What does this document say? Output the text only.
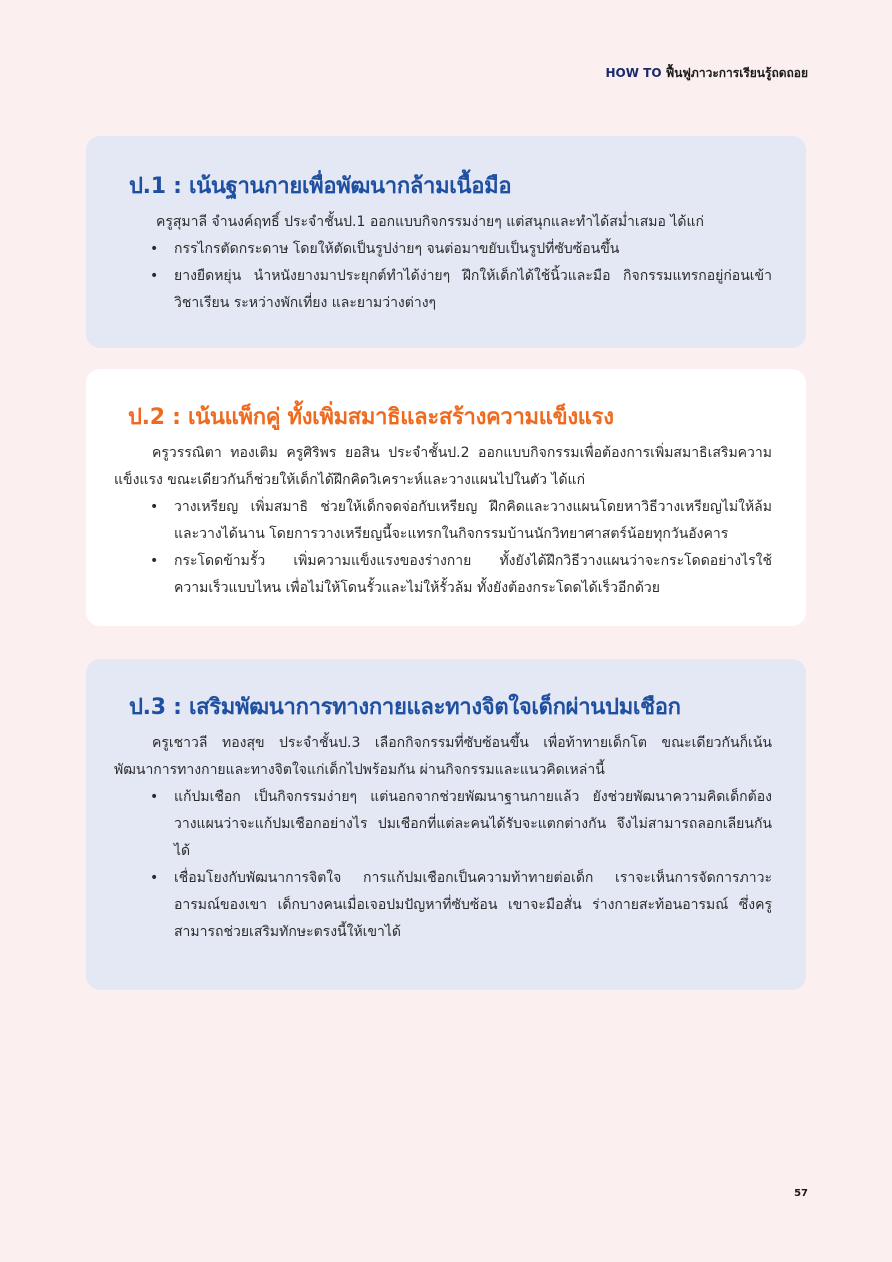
HOW TO ฟื้นฟูภาวะการเรียนรู้ถดถอย
ป.1 : เน้นฐานกายเพื่อพัฒนากล้ามเนื้อมือ

ครูสุมาลี จำนงค์ฤทธิ์ ประจำชั้นป.1 ออกแบบกิจกรรมง่ายๆ แต่สนุกและทำได้สม่ำเสมอ ได้แก่

• กรรไกรตัดกระดาษ โดยให้ตัดเป็นรูปง่ายๆ จนต่อมาขยับเป็นรูปที่ซับซ้อนขึ้น
• ยางยืดหยุ่น นำหนังยางมาประยุกต์ทำได้ง่ายๆ ฝึกให้เด็กได้ใช้นิ้วและมือ กิจกรรมแทรกอยู่ก่อนเข้าวิชาเรียน ระหว่างพักเที่ยง และยามว่างต่างๆ
ป.2 : เน้นแพ็กคู่ ทั้งเพิ่มสมาธิและสร้างความแข็งแรง

ครูวรรณิตา ทองเติม ครูศิริพร ยอสิน ประจำชั้นป.2 ออกแบบกิจกรรมเพื่อต้องการเพิ่มสมาธิเสริมความแข็งแรง ขณะเดียวกันก็ช่วยให้เด็กได้ฝึกคิดวิเคราะห์และวางแผนไปในตัว ได้แก่

• วางเหรียญ เพิ่มสมาธิ ช่วยให้เด็กจดจ่อกับเหรียญ ฝึกคิดและวางแผนโดยหาวิธีวางเหรียญไม่ให้ล้มและวางได้นาน โดยการวางเหรียญนี้จะแทรกในกิจกรรมบ้านนักวิทยาศาสตร์น้อยทุกวันอังคาร
• กระโดดข้ามรั้ว เพิ่มความแข็งแรงของร่างกาย ทั้งยังได้ฝึกวิธีวางแผนว่าจะกระโดดอย่างไรใช้ความเร็วแบบไหน เพื่อไม่ให้โดนรั้วและไม่ให้รั้วล้ม ทั้งยังต้องกระโดดได้เร็วอีกด้วย
ป.3 : เสริมพัฒนาการทางกายและทางจิตใจเด็กผ่านปมเชือก

ครูเชาวลี ทองสุข ประจำชั้นป.3 เลือกกิจกรรมที่ซับซ้อนขึ้น เพื่อท้าทายเด็กโต ขณะเดียวกันก็เน้นพัฒนาการทางกายและทางจิตใจแก่เด็กไปพร้อมกัน ผ่านกิจกรรมและแนวคิดเหล่านี้

• แก้ปมเชือก เป็นกิจกรรมง่ายๆ แต่นอกจากช่วยพัฒนาฐานกายแล้ว ยังช่วยพัฒนาความคิดเด็กต้องวางแผนว่าจะแก้ปมเชือกอย่างไร ปมเชือกที่แต่ละคนได้รับจะแตกต่างกัน จึงไม่สามารถลอกเลียนกันได้
• เชื่อมโยงกับพัฒนาการจิตใจ การแก้ปมเชือกเป็นความท้าทายต่อเด็ก เราจะเห็นการจัดการภาวะอารมณ์ของเขา เด็กบางคนเมื่อเจอปมปัญหาที่ซับซ้อน เขาจะมือสั่น ร่างกายสะท้อนอารมณ์ ซึ่งครูสามารถช่วยเสริมทักษะตรงนี้ให้เขาได้
57
